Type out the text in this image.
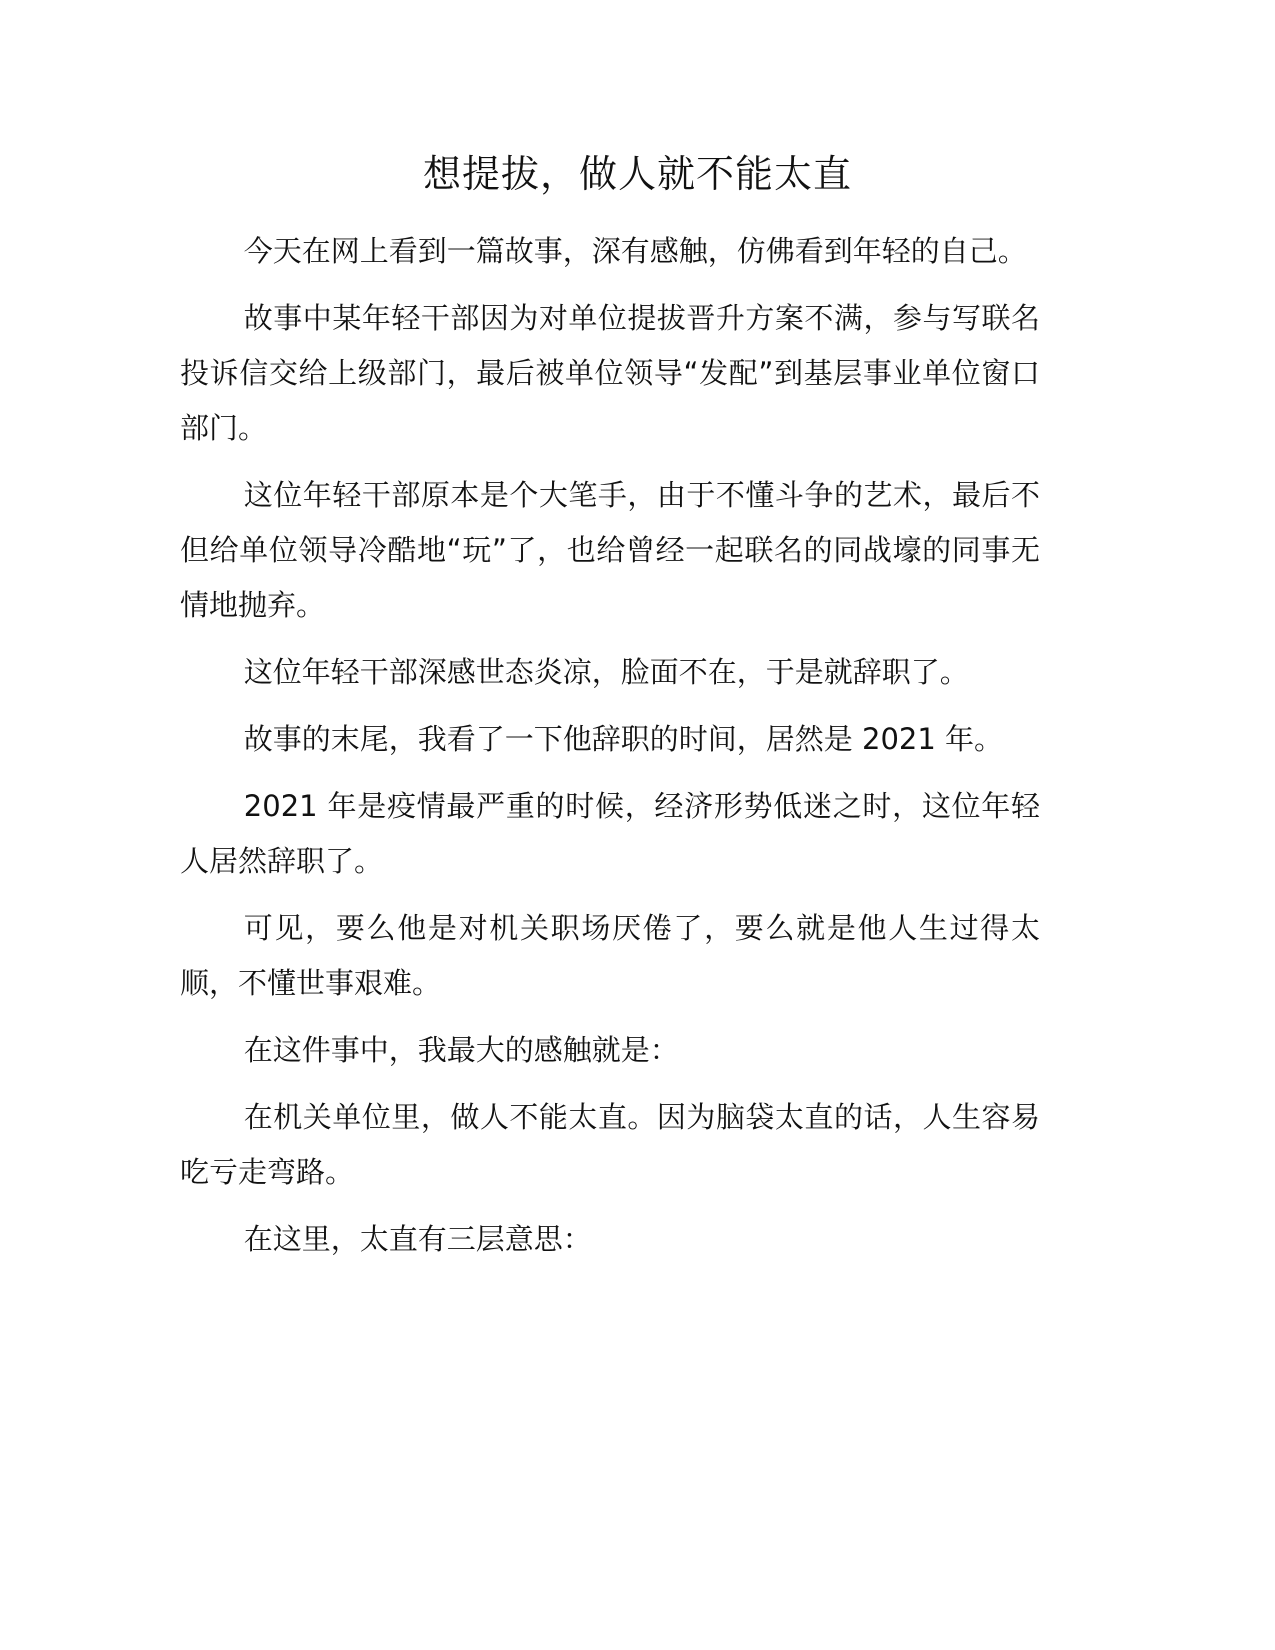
想提拔，做人就不能太直

今天在网上看到一篇故事，深有感触，仿佛看到年轻的自己。

故事中某年轻干部因为对单位提拔晋升方案不满，参与写联名投诉信交给上级部门，最后被单位领导“发配”到基层事业单位窗口部门。

这位年轻干部原本是个大笔手，由于不懂斗争的艺术，最后不但给单位领导冷酷地“玩”了，也给曾经一起联名的同战壕的同事无情地抛弃。

这位年轻干部深感世态炎凉，脸面不在，于是就辞职了。

故事的末尾，我看了一下他辞职的时间，居然是 2021 年。

2021 年是疫情最严重的时候，经济形势低迷之时，这位年轻人居然辞职了。

可见，要么他是对机关职场厌倦了，要么就是他人生过得太顺，不懂世事艰难。

在这件事中，我最大的感触就是：

在机关单位里，做人不能太直。因为脑袋太直的话，人生容易吃亏走弯路。

在这里，太直有三层意思：
